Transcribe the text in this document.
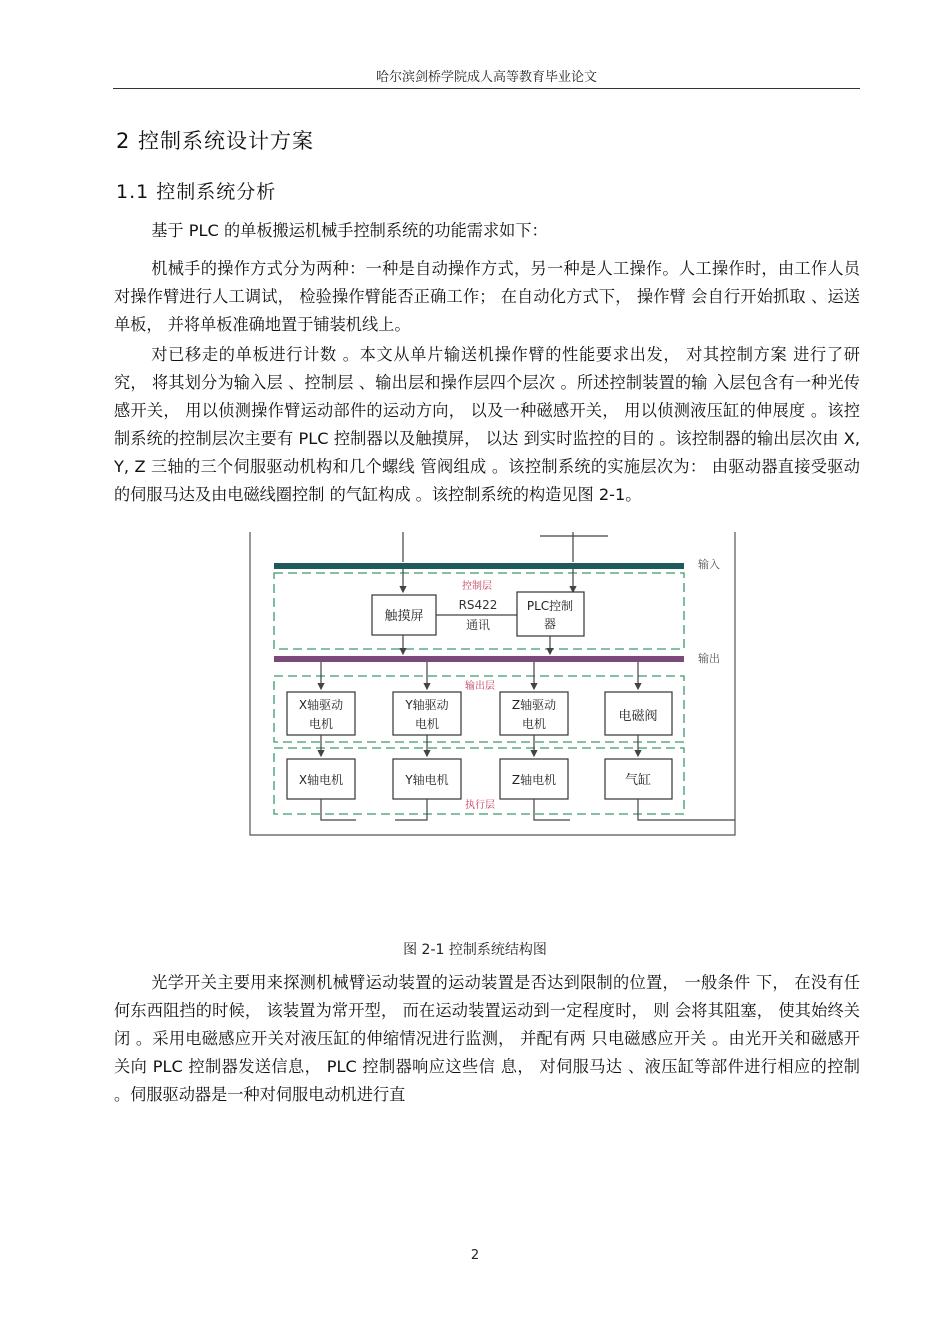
哈尔滨剑桥学院成人高等教育毕业论文
2 控制系统设计方案
1.1 控制系统分析

基于 PLC 的单板搬运机械手控制系统的功能需求如下：

机械手的操作方式分为两种：一种是自动操作方式，另一种是人工操作。人工操作时，由工作人员对操作臂进行人工调试， 检验操作臂能否正确工作； 在自动化方式下， 操作臂 会自行开始抓取 、运送单板， 并将单板准确地置于铺装机线上。

对已移走的单板进行计数 。本文从单片输送机操作臂的性能要求出发， 对其控制方案 进行了研究， 将其划分为输入层 、控制层 、输出层和操作层四个层次 。所述控制装置的输 入层包含有一种光传感开关， 用以侦测操作臂运动部件的运动方向， 以及一种磁感开关， 用以侦测液压缸的伸展度 。该控制系统的控制层次主要有 PLC 控制器以及触摸屏， 以达 到实时监控的目的 。该控制器的输出层次由 X, Y, Z 三轴的三个伺服驱动机构和几个螺线 管阀组成 。该控制系统的实施层次为： 由驱动器直接受驱动的伺服马达及由电磁线圈控制 的气缸构成 。该控制系统的构造见图 2-1。

输入
控制层
触摸屏
RS422
通讯
PLC控制
器
输出
输出层
执行层
X轴驱动
电机
Y轴驱动
电机
Z轴驱动
电机	电磁阀
X轴电机	Y轴电机	Z轴电机	气缸
图 2-1 控制系统结构图

光学开关主要用来探测机械臂运动装置的运动装置是否达到限制的位置， 一般条件 下， 在没有任何东西阻挡的时候， 该装置为常开型， 而在运动装置运动到一定程度时， 则 会将其阻塞， 使其始终关闭 。采用电磁感应开关对液压缸的伸缩情况进行监测， 并配有两 只电磁感应开关 。由光开关和磁感开关向 PLC 控制器发送信息， PLC 控制器响应这些信 息， 对伺服马达 、液压缸等部件进行相应的控制 。伺服驱动器是一种对伺服电动机进行直

2
